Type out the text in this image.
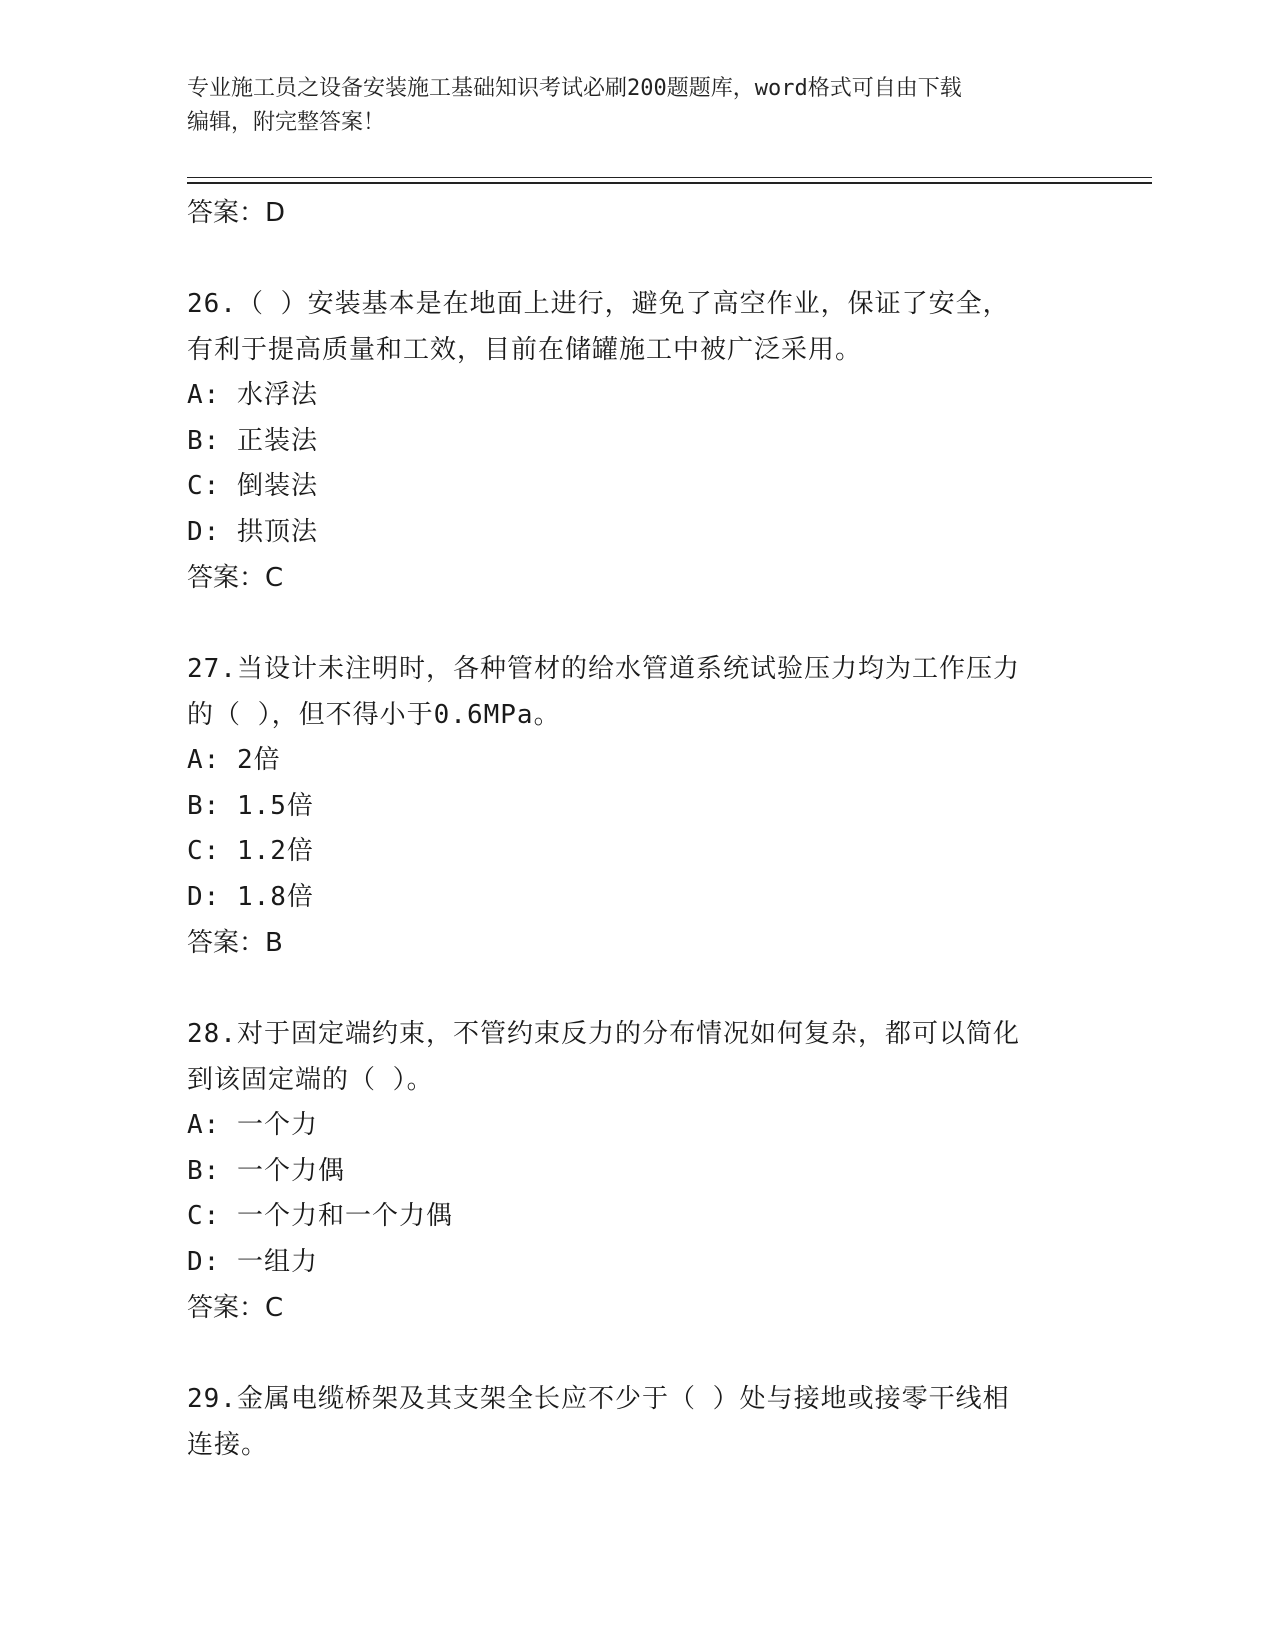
专业施工员之设备安装施工基础知识考试必刷200题题库，word格式可自由下载
编辑，附完整答案！
答案：D
26.（ ）安装基本是在地面上进行，避免了高空作业，保证了安全，
有利于提高质量和工效，目前在储罐施工中被广泛采用。
A: 水浮法
B: 正装法
C: 倒装法
D: 拱顶法
答案：C
27.当设计未注明时，各种管材的给水管道系统试验压力均为工作压力
的（ ），但不得小于0.6MPa。
A: 2倍
B: 1.5倍
C: 1.2倍
D: 1.8倍
答案：B
28.对于固定端约束，不管约束反力的分布情况如何复杂，都可以简化
到该固定端的（ ）。
A: 一个力
B: 一个力偶
C: 一个力和一个力偶
D: 一组力
答案：C
29.金属电缆桥架及其支架全长应不少于（ ）处与接地或接零干线相
连接。
